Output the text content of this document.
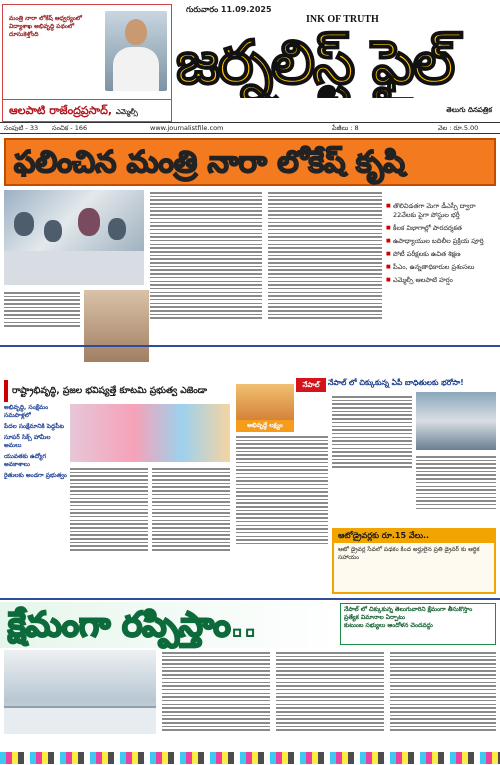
మంత్రి నారా లోకేష్ ఆధ్వర్యంలో విద్యాశాఖ అభివృద్ధి పథంలో దూసుకెళ్తోంది
ఆలపాటి రాజేంద్రప్రసాద్, ఎమ్మెల్సీ
గురువారం 11.09.2025
INK OF TRUTH
జర్నలిస్ట్ ఫైల్
తెలుగు దినపత్రిక
సంపుటి - 33 సంచిక - 166	www.journalistfile.com	పేజీలు : 8	వెల : రూ.5.00
ఫలించిన మంత్రి నారా లోకేష్ కృషి
■ తొలివిడతగా మెగా డీఎస్సీ ద్వారా 22వేలకు పైగా పోస్టుల భర్తీ
■ కీలక విభాగాల్లో పారదర్శకత
■ ఉపాధ్యాయుల బదిలీల ప్రక్రియ పూర్తి
■ పోటీ పరీక్షలకు ఉచిత శిక్షణ
■ పీఎం, ఉన్నతాధికారుల ప్రశంసలు
■ ఎమ్మెల్సీ ఆలపాటి హర్షం
రాష్ట్రాభివృద్ధి, ప్రజల భవిష్యత్తే కూటమి ప్రభుత్వ ఎజెండా
అభివృద్ధి, సంక్షేమం సమపాళ్లలో
పేదల సంక్షేమానికి పెద్దపీట
సూపర్ సిక్స్ హామీల అమలు
యువతకు ఉద్యోగ అవకాశాలు
రైతులకు అండగా ప్రభుత్వం
అభివృద్ధే లక్ష్యం
నేపాల్	నేపాల్ లో చిక్కుకున్న ఏపీ బాధితులకు భరోసా!
ఆటోడ్రైవర్లకు రూ.15 వేలు..
ఆటో డ్రైవర్ల సేవలో పథకం కింద అర్హులైన ప్రతి డ్రైవర్ కు ఆర్థిక సహాయం
క్షేమంగా రప్పిస్తాం..	నేపాల్ లో చిక్కుకున్న తెలుగువారిని క్షేమంగా తీసుకొస్తాం
ప్రత్యేక విమానాల ఏర్పాటు
కుటుంబ సభ్యులు ఆందోళన చెందవద్దు
